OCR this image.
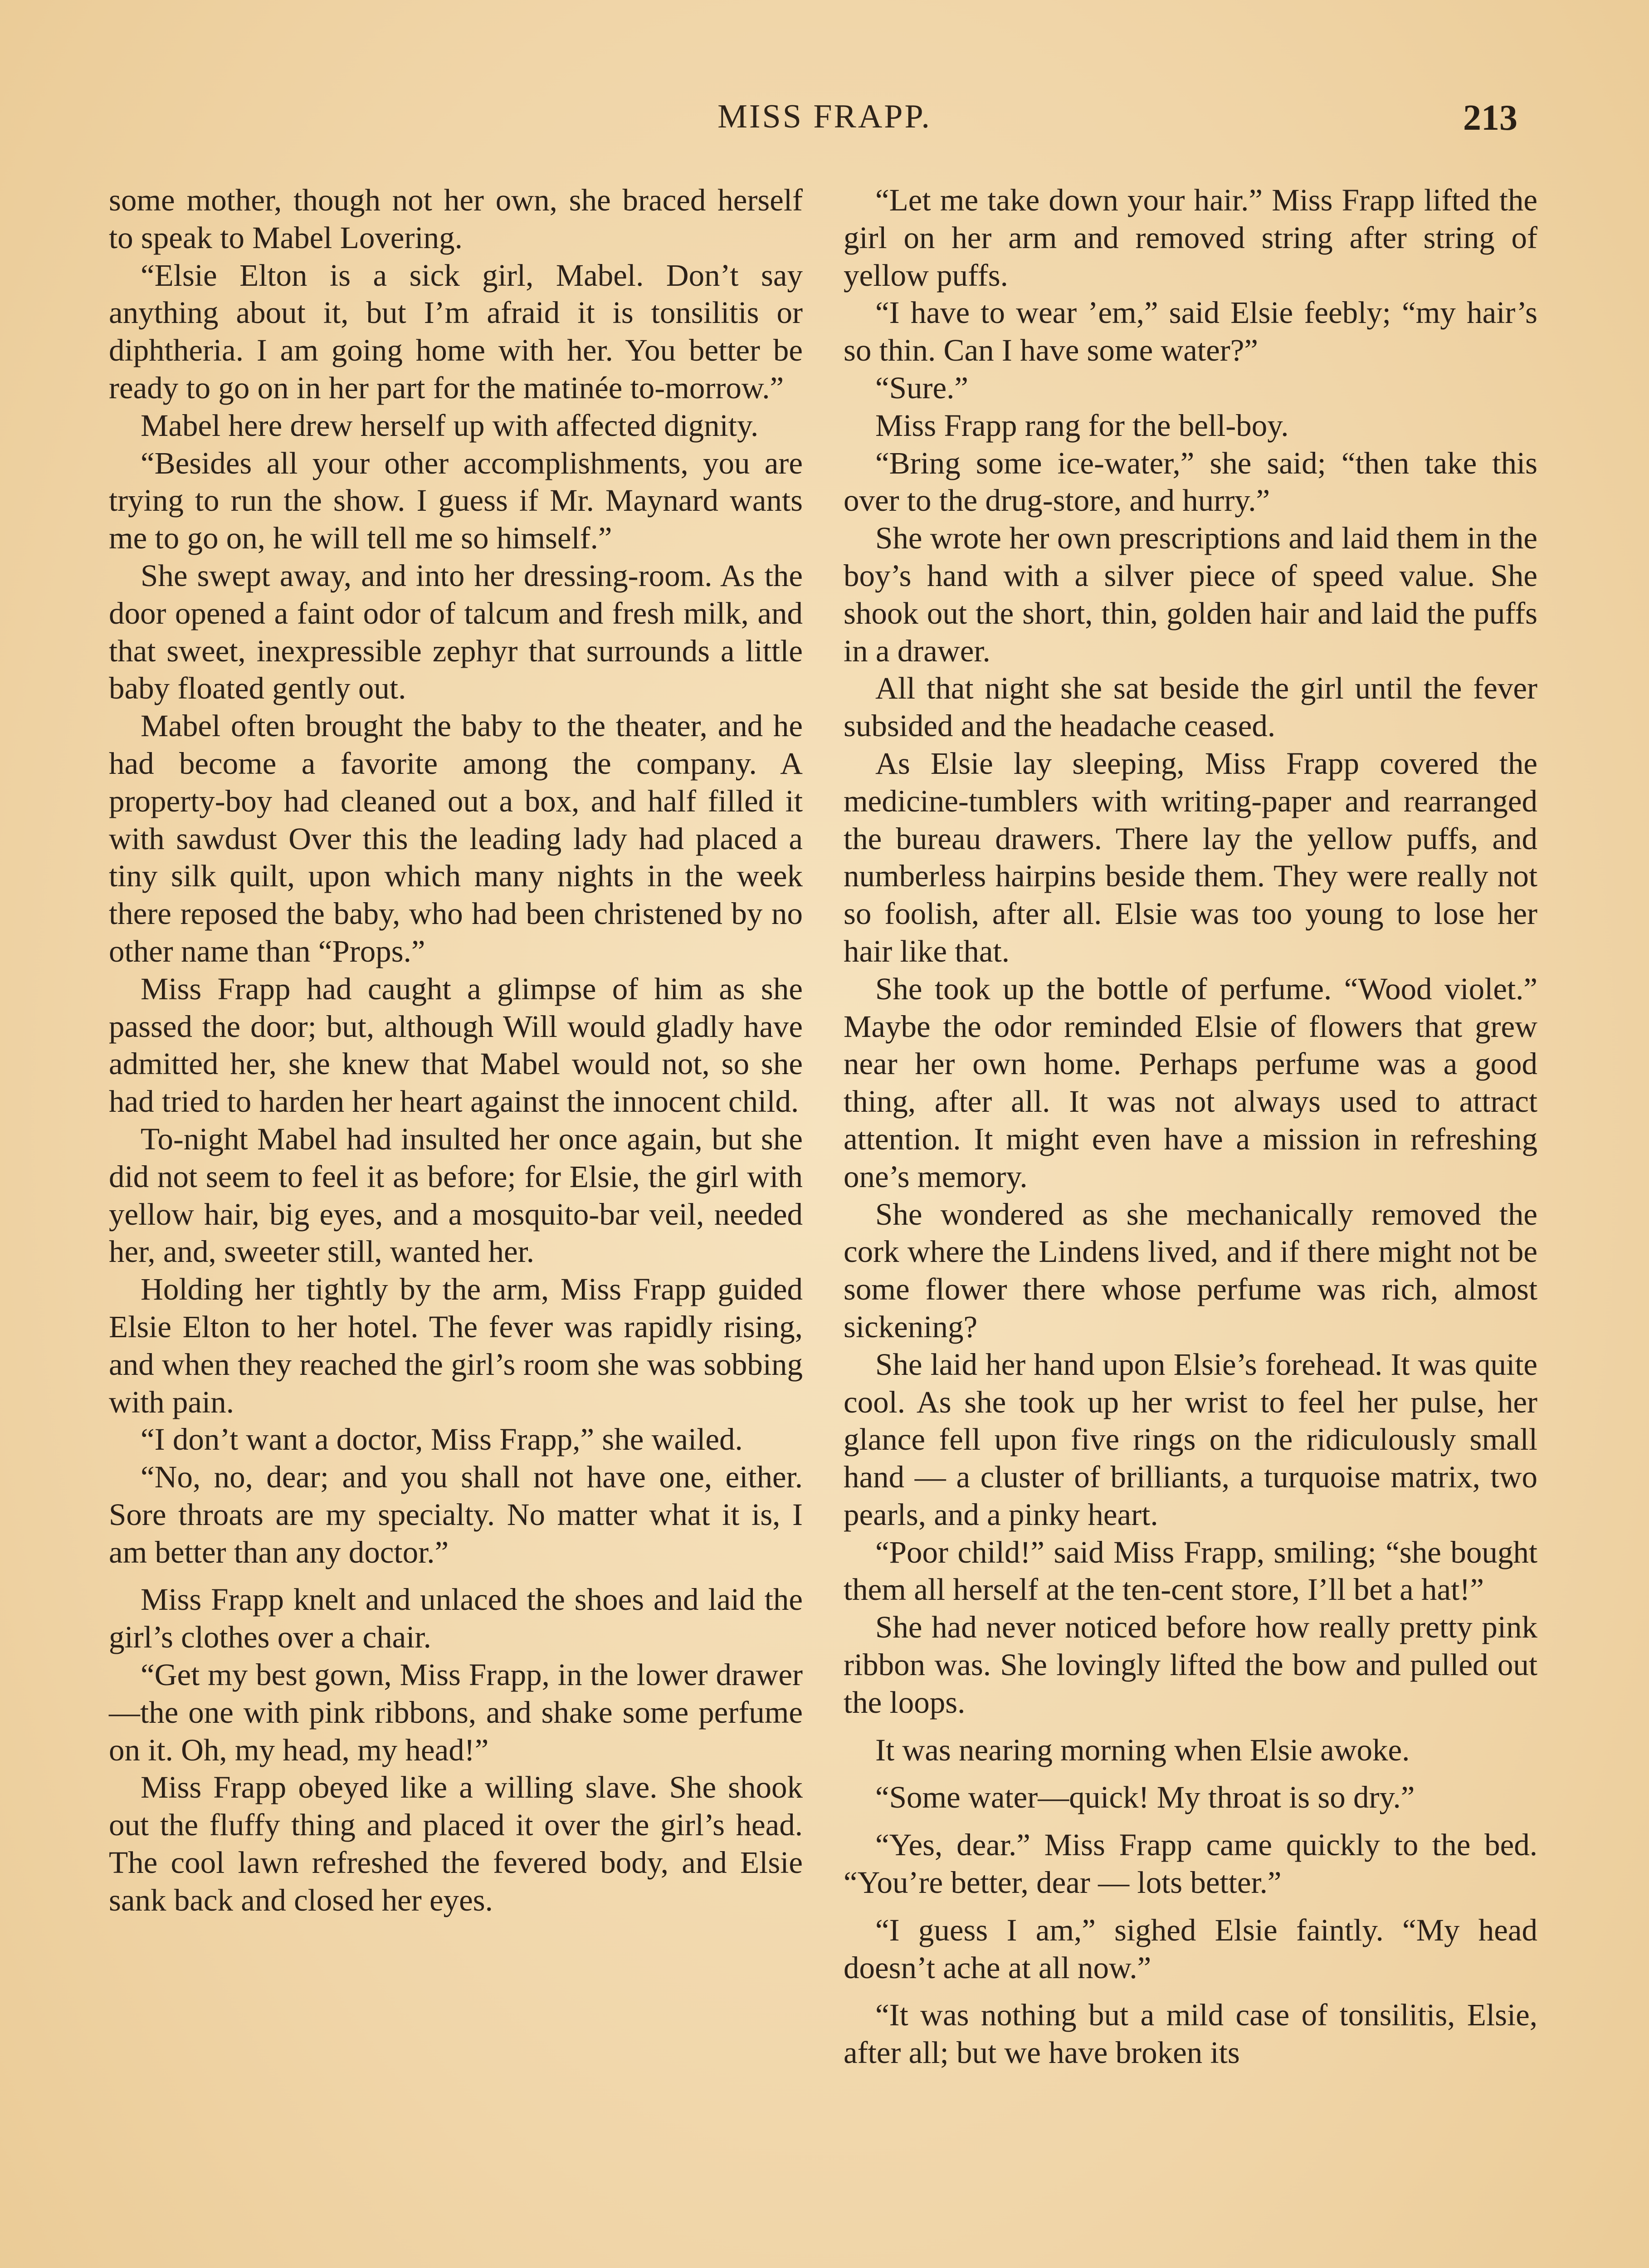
MISS FRAPP.	213

some mother, though not her own, she braced herself to speak to Mabel Lovering.

“Elsie Elton is a sick girl, Mabel. Don’t say anything about it, but I’m afraid it is tonsilitis or diphtheria. I am going home with her. You better be ready to go on in her part for the matinée to-morrow.”

Mabel here drew herself up with affected dignity.

“Besides all your other accomplishments, you are trying to run the show. I guess if Mr. Maynard wants me to go on, he will tell me so himself.”

She swept away, and into her dressing-room. As the door opened a faint odor of talcum and fresh milk, and that sweet, inexpressible zephyr that surrounds a little baby floated gently out.

Mabel often brought the baby to the theater, and he had become a favorite among the company. A property-boy had cleaned out a box, and half filled it with sawdust Over this the leading lady had placed a tiny silk quilt, upon which many nights in the week there reposed the baby, who had been christened by no other name than “Props.”

Miss Frapp had caught a glimpse of him as she passed the door; but, although Will would gladly have admitted her, she knew that Mabel would not, so she had tried to harden her heart against the innocent child.

To-night Mabel had insulted her once again, but she did not seem to feel it as before; for Elsie, the girl with yellow hair, big eyes, and a mosquito-bar veil, needed her, and, sweeter still, wanted her.

Holding her tightly by the arm, Miss Frapp guided Elsie Elton to her hotel. The fever was rapidly rising, and when they reached the girl’s room she was sobbing with pain.

“I don’t want a doctor, Miss Frapp,” she wailed.

“No, no, dear; and you shall not have one, either. Sore throats are my specialty. No matter what it is, I am better than any doctor.”

Miss Frapp knelt and unlaced the shoes and laid the girl’s clothes over a chair.

“Get my best gown, Miss Frapp, in the lower drawer—the one with pink ribbons, and shake some perfume on it. Oh, my head, my head!”

Miss Frapp obeyed like a willing slave. She shook out the fluffy thing and placed it over the girl’s head. The cool lawn refreshed the fevered body, and Elsie sank back and closed her eyes.

“Let me take down your hair.” Miss Frapp lifted the girl on her arm and removed string after string of yellow puffs.

“I have to wear ’em,” said Elsie feebly; “my hair’s so thin. Can I have some water?”

“Sure.”

Miss Frapp rang for the bell-boy.

“Bring some ice-water,” she said; “then take this over to the drug-store, and hurry.”

She wrote her own prescriptions and laid them in the boy’s hand with a silver piece of speed value. She shook out the short, thin, golden hair and laid the puffs in a drawer.

All that night she sat beside the girl until the fever subsided and the headache ceased.

As Elsie lay sleeping, Miss Frapp covered the medicine-tumblers with writing-paper and rearranged the bureau drawers. There lay the yellow puffs, and numberless hairpins beside them. They were really not so foolish, after all. Elsie was too young to lose her hair like that.

She took up the bottle of perfume. “Wood violet.” Maybe the odor reminded Elsie of flowers that grew near her own home. Perhaps perfume was a good thing, after all. It was not always used to attract attention. It might even have a mission in refreshing one’s memory.

She wondered as she mechanically removed the cork where the Lindens lived, and if there might not be some flower there whose perfume was rich, almost sickening?

She laid her hand upon Elsie’s forehead. It was quite cool. As she took up her wrist to feel her pulse, her glance fell upon five rings on the ridiculously small hand — a cluster of brilliants, a turquoise matrix, two pearls, and a pinky heart.

“Poor child!” said Miss Frapp, smiling; “she bought them all herself at the ten-cent store, I’ll bet a hat!”

She had never noticed before how really pretty pink ribbon was. She lovingly lifted the bow and pulled out the loops.

It was nearing morning when Elsie awoke.

“Some water—quick! My throat is so dry.”

“Yes, dear.” Miss Frapp came quickly to the bed. “You’re better, dear — lots better.”

“I guess I am,” sighed Elsie faintly. “My head doesn’t ache at all now.”

“It was nothing but a mild case of tonsilitis, Elsie, after all; but we have broken its
